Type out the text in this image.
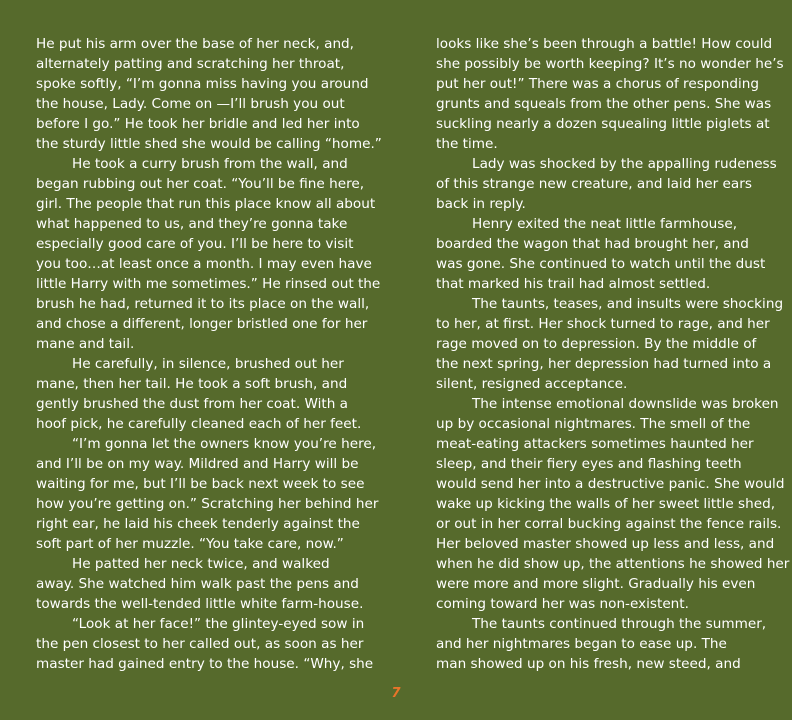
He put his arm over the base of her neck, and,
alternately patting and scratching her throat,
spoke softly, “I’m gonna miss having you around
the house, Lady. Come on —I’ll brush you out
before I go.” He took her bridle and led her into
the sturdy little shed she would be calling “home.”
He took a curry brush from the wall, and
began rubbing out her coat. “You’ll be fine here,
girl. The people that run this place know all about
what happened to us, and they’re gonna take
especially good care of you. I’ll be here to visit
you too…at least once a month. I may even have
little Harry with me sometimes.” He rinsed out the
brush he had, returned it to its place on the wall,
and chose a different, longer bristled one for her
mane and tail.
He carefully, in silence, brushed out her
mane, then her tail. He took a soft brush, and
gently brushed the dust from her coat. With a
hoof pick, he carefully cleaned each of her feet.
“I’m gonna let the owners know you’re here,
and I’ll be on my way. Mildred and Harry will be
waiting for me, but I’ll be back next week to see
how you’re getting on.” Scratching her behind her
right ear, he laid his cheek tenderly against the
soft part of her muzzle. “You take care, now.”
He patted her neck twice, and walked
away. She watched him walk past the pens and
towards the well-tended little white farm-house.
“Look at her face!” the glintey-eyed sow in
the pen closest to her called out, as soon as her
master had gained entry to the house. “Why, she
looks like she’s been through a battle! How could
she possibly be worth keeping? It’s no wonder he’s
put her out!” There was a chorus of responding
grunts and squeals from the other pens. She was
suckling nearly a dozen squealing little piglets at
the time.
Lady was shocked by the appalling rudeness
of this strange new creature, and laid her ears
back in reply.
Henry exited the neat little farmhouse,
boarded the wagon that had brought her, and
was gone. She continued to watch until the dust
that marked his trail had almost settled.
The taunts, teases, and insults were shocking
to her, at first. Her shock turned to rage, and her
rage moved on to depression. By the middle of
the next spring, her depression had turned into a
silent, resigned acceptance.
The intense emotional downslide was broken
up by occasional nightmares. The smell of the
meat-eating attackers sometimes haunted her
sleep, and their fiery eyes and flashing teeth
would send her into a destructive panic. She would
wake up kicking the walls of her sweet little shed,
or out in her corral bucking against the fence rails.
Her beloved master showed up less and less, and
when he did show up, the attentions he showed her
were more and more slight. Gradually his even
coming toward her was non-existent.
The taunts continued through the summer,
and her nightmares began to ease up. The
man showed up on his fresh, new steed, and
7
